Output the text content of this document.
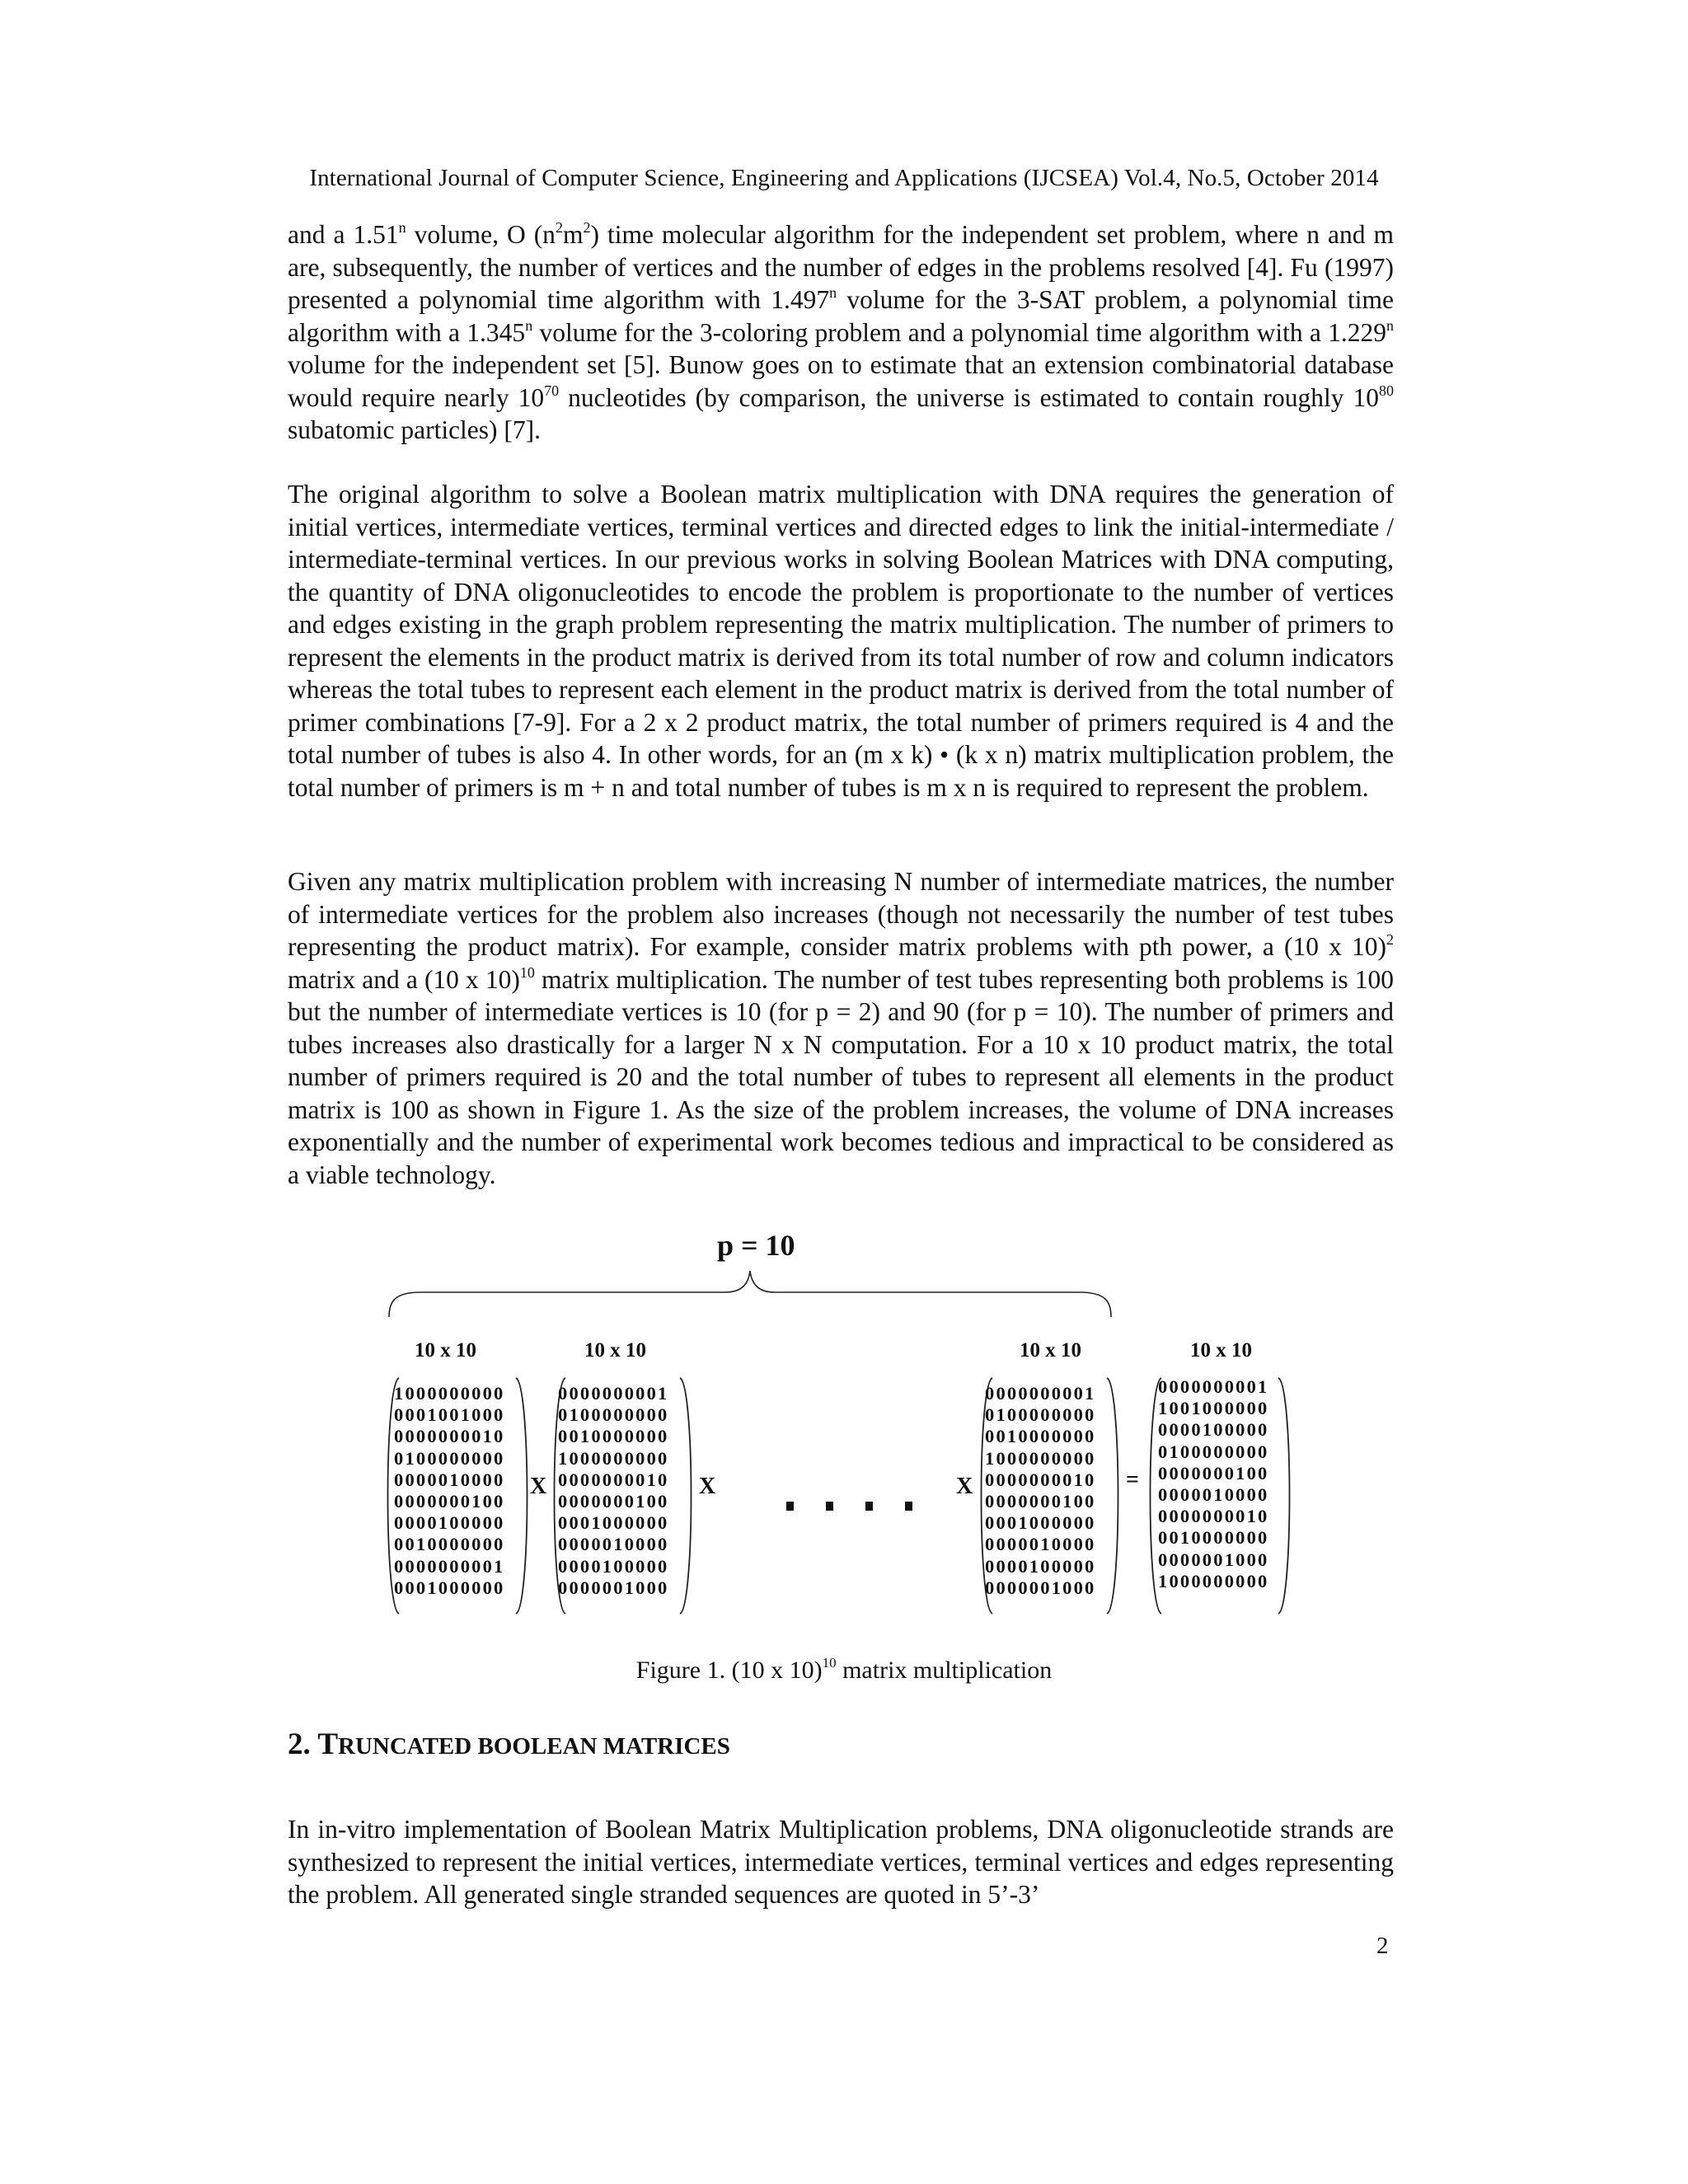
International Journal of Computer Science, Engineering and Applications (IJCSEA) Vol.4, No.5, October 2014

and a 1.51$^n$ volume, O $(n^2m^2)$ time molecular algorithm for the independent set problem, where n and m are, subsequently, the number of vertices and the number of edges in the problems resolved [4]. Fu (1997) presented a polynomial time algorithm with 1.497$^n$ volume for the 3-SAT problem, a polynomial time algorithm with a 1.345$^n$ volume for the 3-coloring problem and a polynomial time algorithm with a 1.229$^n$ volume for the independent set [5]. Bunow goes on to estimate that an extension combinatorial database would require nearly $10^{70}$ nucleotides (by comparison, the universe is estimated to contain roughly $10^{80}$ subatomic particles) [7].

The original algorithm to solve a Boolean matrix multiplication with DNA requires the generation of initial vertices, intermediate vertices, terminal vertices and directed edges to link the initial-intermediate / intermediate-terminal vertices. In our previous works in solving Boolean Matrices with DNA computing, the quantity of DNA oligonucleotides to encode the problem is proportionate to the number of vertices and edges existing in the graph problem representing the matrix multiplication. The number of primers to represent the elements in the product matrix is derived from its total number of row and column indicators whereas the total tubes to represent each element in the product matrix is derived from the total number of primer combinations [7-9]. For a 2 x 2 product matrix, the total number of primers required is 4 and the total number of tubes is also 4. In other words, for an (m x k) • (k x n) matrix multiplication problem, the total number of primers is m + n and total number of tubes is m x n is required to represent the problem.

Given any matrix multiplication problem with increasing N number of intermediate matrices, the number of intermediate vertices for the problem also increases (though not necessarily the number of test tubes representing the product matrix). For example, consider matrix problems with pth power, a (10 x 10)$^2$ matrix and a (10 x 10)$^{10}$ matrix multiplication. The number of test tubes representing both problems is 100 but the number of intermediate vertices is 10 (for p = 2) and 90 (for p = 10). The number of primers and tubes increases also drastically for a larger N x N computation. For a 10 x 10 product matrix, the total number of primers required is 20 and the total number of tubes to represent all elements in the product matrix is 100 as shown in Figure 1. As the size of the problem increases, the volume of DNA increases exponentially and the number of experimental work becomes tedious and impractical to be considered as a viable technology.

p = 10
10 x 10	10 x 10	10 x 10	10 x 10
1000000000
0001001000
0000000010
0100000000
0000010000
0000000100
0000100000
0010000000
0000000001
0001000000
X
0000000001
0100000000
0010000000
1000000000
0000000010
0000000100
0001000000
0000010000
0000100000
0000001000
X	X
0000000001
0100000000
0010000000
1000000000
0000000010
0000000100
0001000000
0000010000
0000100000
0000001000
=
0000000001
1001000000
0000100000
0100000000
0000000100
0000010000
0000000010
0010000000
0000001000
1000000000
Figure 1. (10 x 10)$^{10}$ matrix multiplication
2. TRUNCATED BOOLEAN MATRICES

In in-vitro implementation of Boolean Matrix Multiplication problems, DNA oligonucleotide strands are synthesized to represent the initial vertices, intermediate vertices, terminal vertices and edges representing the problem. All generated single stranded sequences are quoted in 5’-3’

2
